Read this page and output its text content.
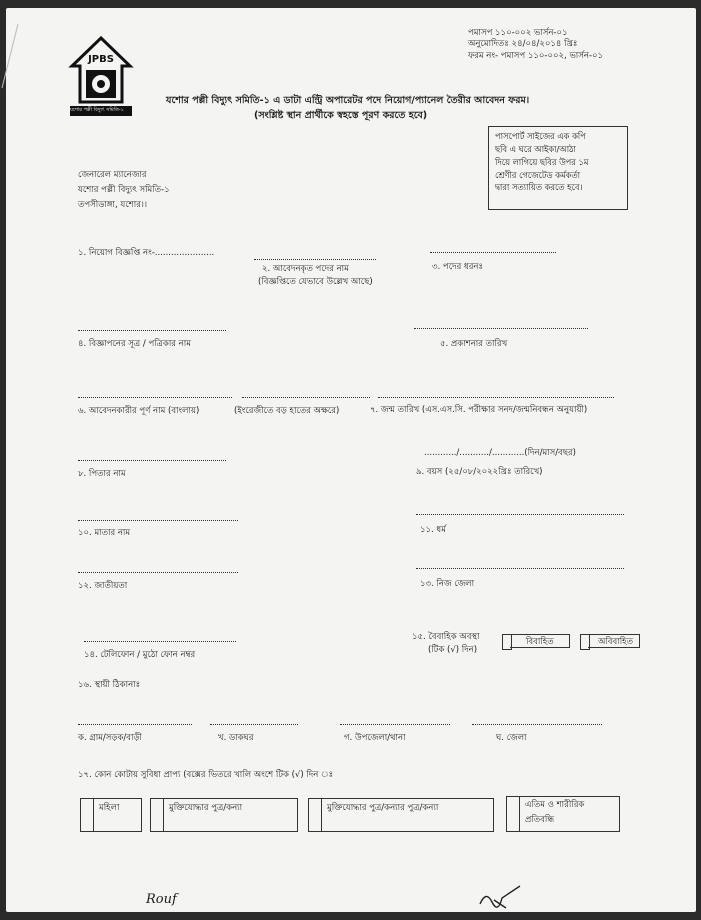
JPBS
যশোর পল্লী বিদ্যুৎ সমিতি-১
পমাসপ ১১০-০০২ ভার্সন-০১
অনুমোদিতঃ ২৪/০৪/২০১৪ খ্রিঃ
ফরম নং- পমাসপ ১১০-০০২, ভার্সন-০১
যশোর পল্লী বিদ্যুৎ সমিতি-১ এ ডাটা এন্ট্রি অপারেটর পদে নিয়োগ/প্যানেল তৈরীর আবেদন ফরম।
(সংশ্লিষ্ট স্থান প্রার্থীকে স্বহস্তে পূরণ করতে হবে)
পাসপোর্ট সাইজের এক কপি
ছবি এ ঘরে আইকা/আঠা
দিয়ে লাগিয়ে ছবির উপর ১ম
শ্রেণীর গেজেটেড কর্মকর্তা
দ্বারা সত্যায়িত করতে হবে।
জেনারেল ম্যানেজার
যশোর পল্লী বিদ্যুৎ সমিতি-১
তপসীডাঙ্গা, যশোর।।
১. নিয়োগ বিজ্ঞপ্তি নং-......................
২. আবেদনকৃত পদের নাম
(বিজ্ঞপ্তিতে যেভাবে উল্লেখ আছে)
৩. পদের ধরনঃ
৪. বিজ্ঞাপনের সূত্র / পত্রিকার নাম	৫. প্রকাশনার তারিখ
৬. আবেদনকারীর পূর্ণ নাম (বাংলায়)	(ইংরেজীতে বড় হাতের অক্ষরে)	৭. জন্ম তারিখ (এস.এস.সি. পরীক্ষার সনদ/জন্মনিবন্ধন অনুযায়ী)
............/.........../............(দিন/মাস/বছর)
৮. পিতার নাম	৯. বয়স (২৫/০৮/২০২২খ্রিঃ তারিখে)
১০. মাতার নাম	১১. ধর্ম
১২. জাতীয়তা	১৩. নিজ জেলা
১৪. টেলিফোন / মুঠো ফোন নম্বর
১৫. বৈবাহিক অবস্থা
(টিক (√) দিন)
বিবাহিত	অবিবাহিত
১৬. স্থায়ী ঠিকানাঃ
ক. গ্রাম/সড়ক/বাড়ী	খ. ডাকঘর	গ. উপজেলা/থানা	ঘ. জেলা
১৭. কোন কোটায় সুবিধা প্রাপ্য (বক্সের ভিতরে খালি অংশে টিক (√) দিন ঃ
মহিলা	মুক্তিযোদ্ধার পুত্র/কন্যা	মুক্তিযোদ্ধার পুত্র/কন্যার পুত্র/কন্যা	এতিম ও শারীরিক
প্রতিবন্ধি
Rouf
